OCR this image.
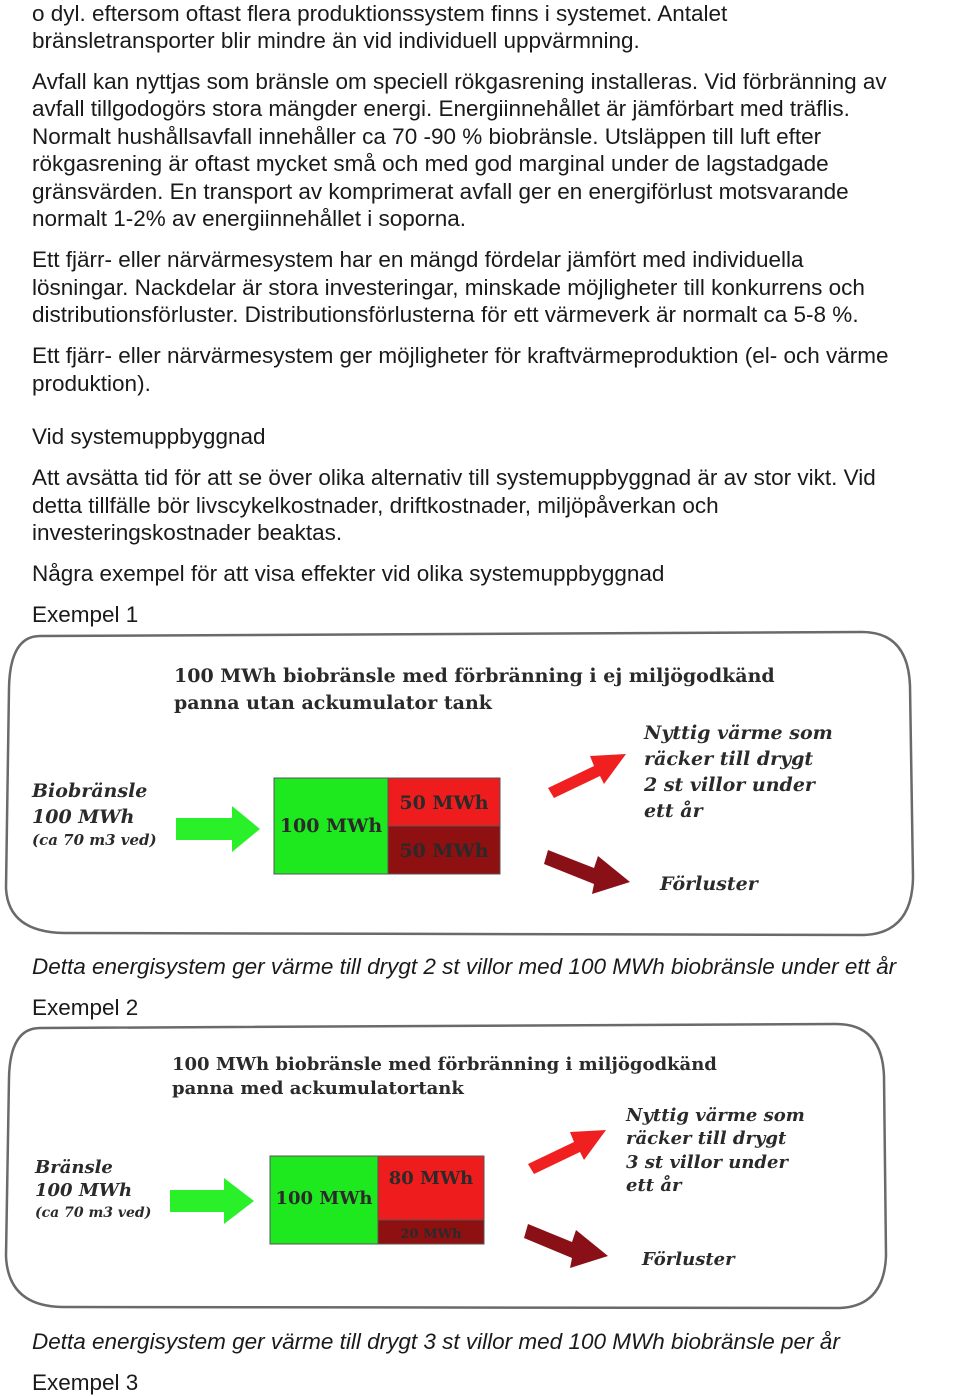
o dyl. eftersom oftast flera produktionssystem finns i systemet. Antalet

bränsletransporter blir mindre än vid individuell uppvärmning.

Avfall kan nyttjas som bränsle om speciell rökgasrening installeras. Vid förbränning av

avfall tillgodogörs stora mängder energi. Energiinnehållet är jämförbart med träflis.

Normalt hushållsavfall innehåller ca 70 -90 % biobränsle. Utsläppen till luft efter

rökgasrening är oftast mycket små och med god marginal under de lagstadgade

gränsvärden. En transport av komprimerat avfall ger en energiförlust motsvarande

normalt 1-2% av energiinnehållet i soporna.

Ett fjärr- eller närvärmesystem har en mängd fördelar jämfört med individuella

lösningar. Nackdelar är stora investeringar, minskade möjligheter till konkurrens och

distributionsförluster. Distributionsförlusterna för ett värmeverk är normalt ca 5-8 %.

Ett fjärr- eller närvärmesystem ger möjligheter för kraftvärmeproduktion (el- och värme

produktion).

Vid systemuppbyggnad

Att avsätta tid för att se över olika alternativ till systemuppbyggnad är av stor vikt. Vid

detta tillfälle bör livscykelkostnader, driftkostnader, miljöpåverkan och

investeringskostnader beaktas.

Några exempel för att visa effekter vid olika systemuppbyggnad

Exempel 1

100 MWh biobränsle med förbränning i ej miljögodkänd
panna utan ackumulator tank
Biobränsle
100 MWh
(ca 70 m3 ved)
100 MWh
50 MWh
50 MWh
Nyttig värme som
räcker till drygt
2 st villor under
ett år
Förluster

Detta energisystem ger värme till drygt 2 st villor med 100 MWh biobränsle under ett år

Exempel 2

100 MWh biobränsle med förbränning i miljögodkänd
panna med ackumulatortank
Bränsle
100 MWh
(ca 70 m3 ved)
100 MWh
80 MWh
20 MWh
Nyttig värme som
räcker till drygt
3 st villor under
ett år
Förluster

Detta energisystem ger värme till drygt 3 st villor med 100 MWh biobränsle per år

Exempel 3
